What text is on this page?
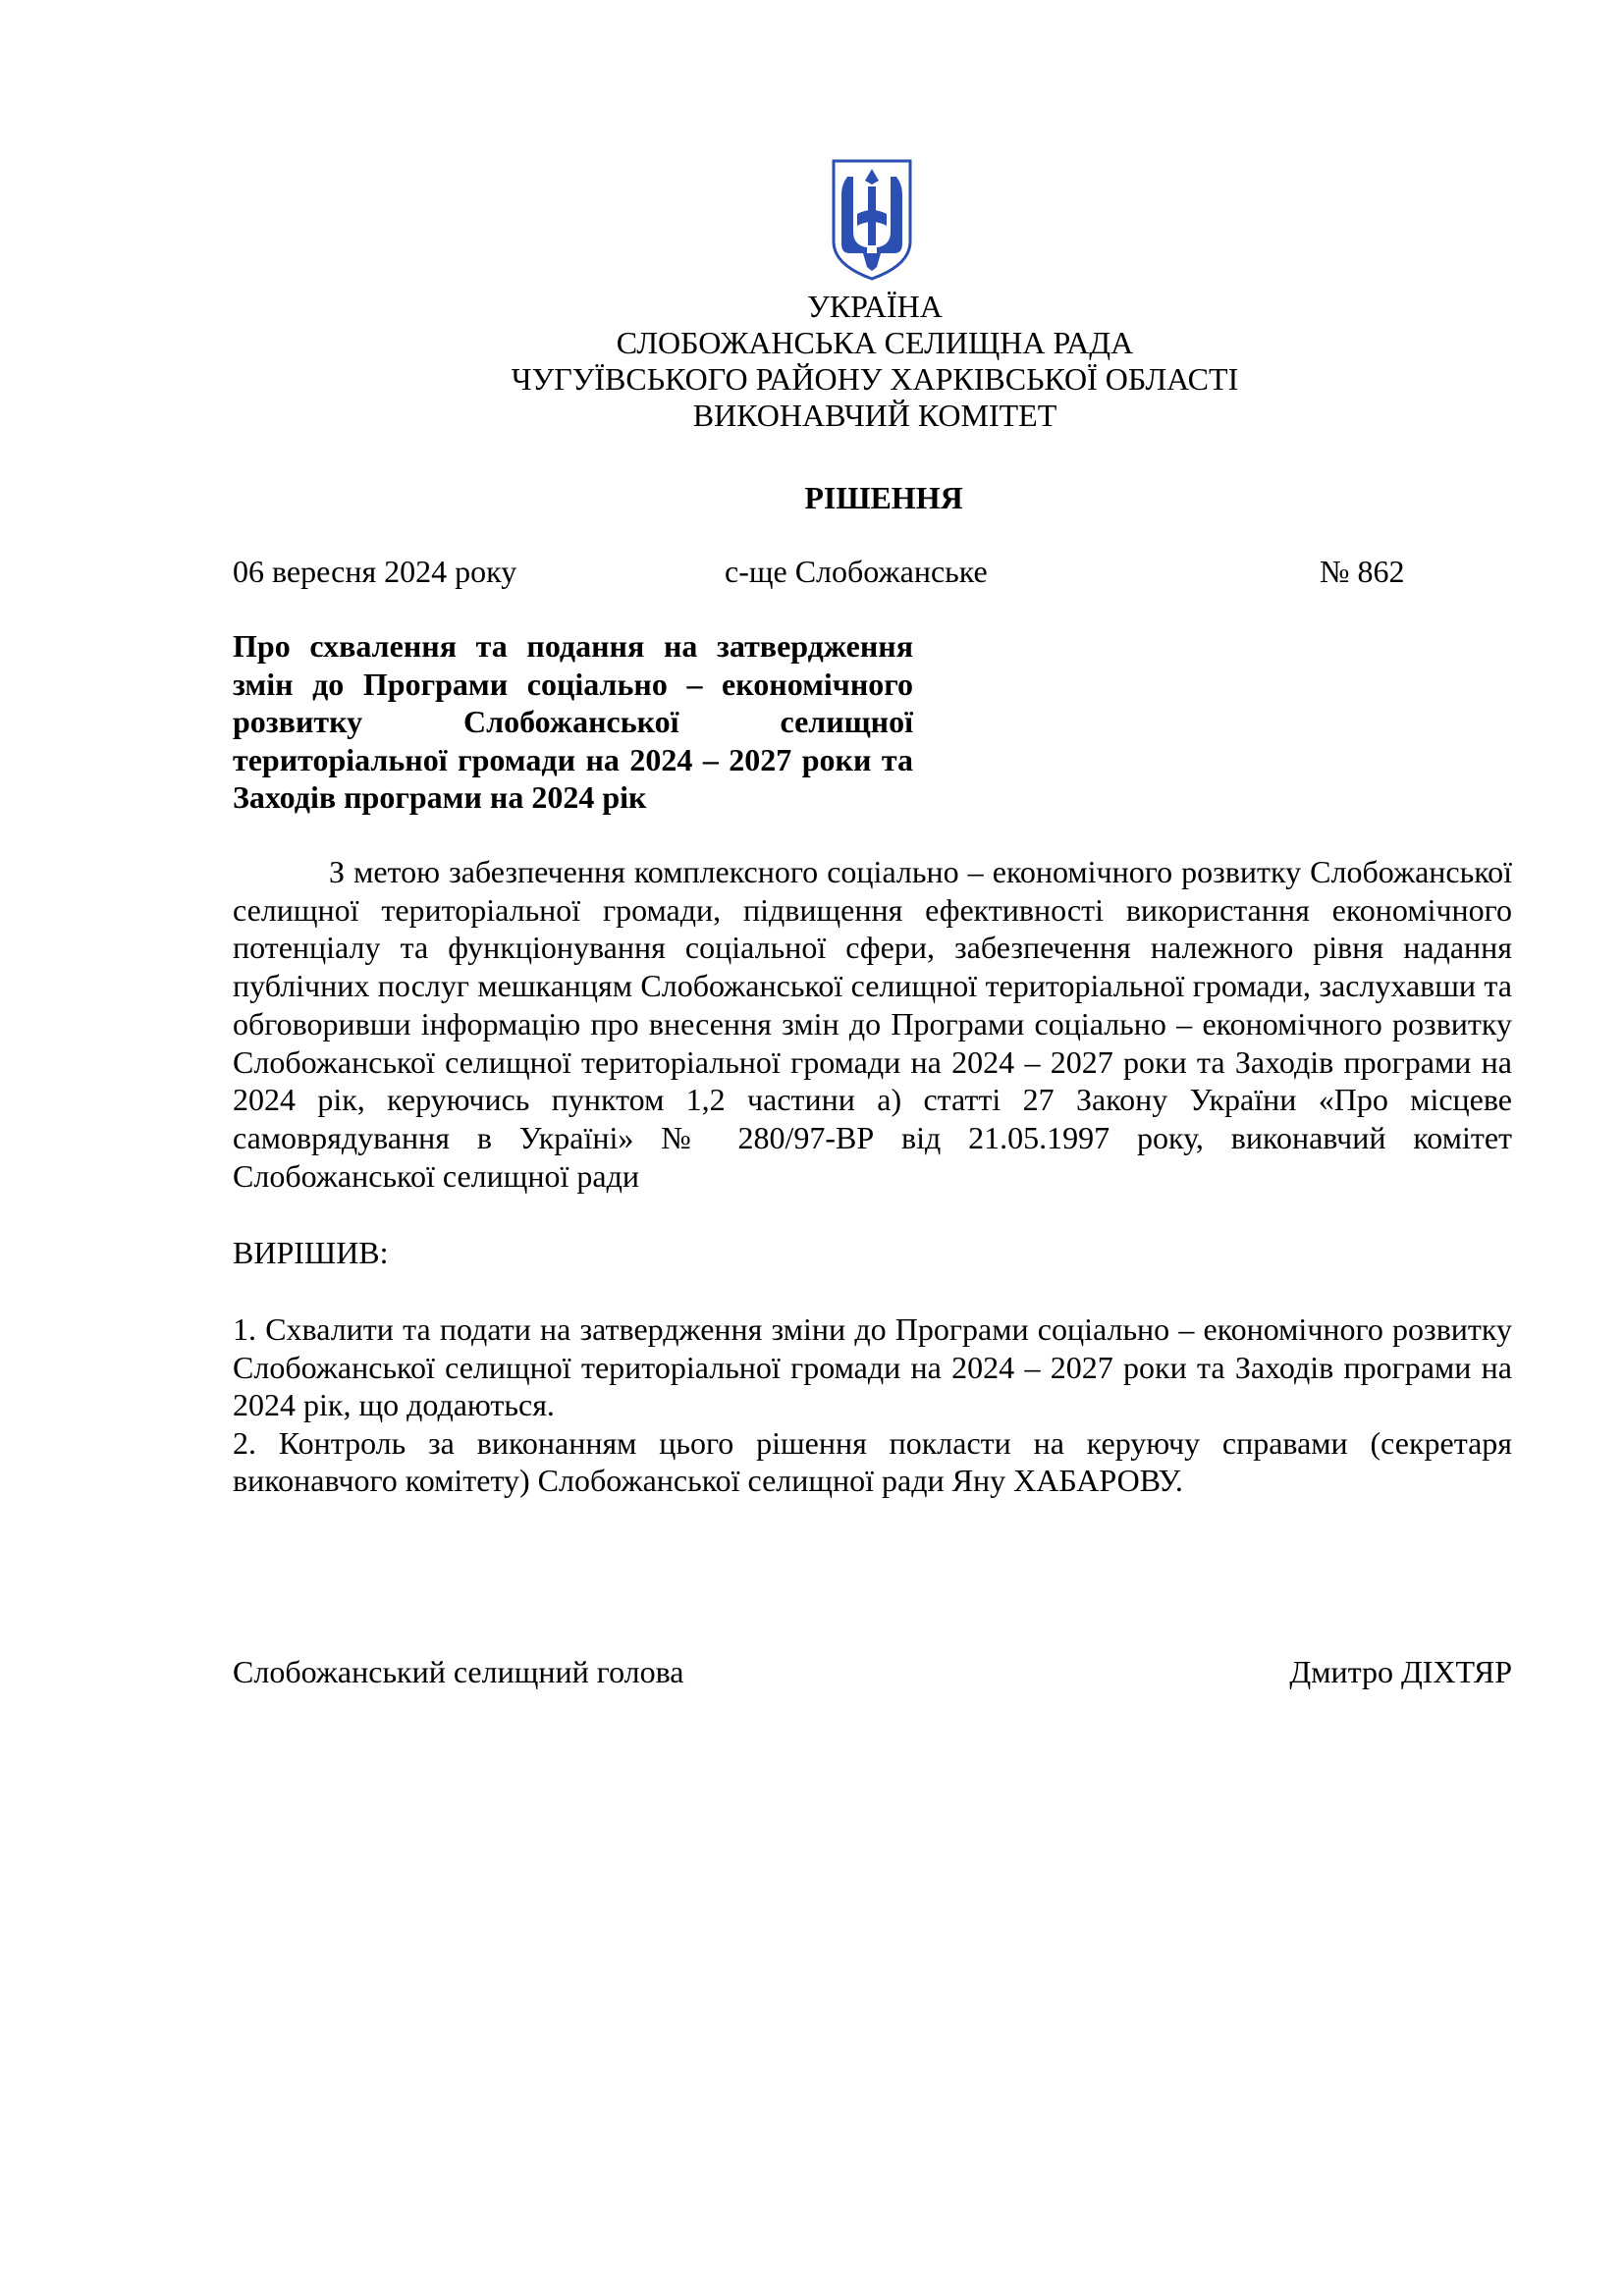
УКРАЇНА

СЛОБОЖАНСЬКА СЕЛИЩНА РАДА

ЧУГУЇВСЬКОГО РАЙОНУ ХАРКІВСЬКОЇ ОБЛАСТІ

ВИКОНАВЧИЙ КОМІТЕТ

РІШЕННЯ

06 вересня 2024 року	с-ще Слобожанське	№ 862

Про схвалення та подання на затвердження змін до Програми соціально – економічного розвитку Слобожанської селищної територіальної громади на 2024 – 2027 роки та Заходів програми на 2024 рік

З метою забезпечення комплексного соціально – економічного розвитку Слобожанської селищної територіальної громади, підвищення ефективності використання економічного потенціалу та функціонування соціальної сфери, забезпечення належного рівня надання публічних послуг мешканцям Слобожанської селищної територіальної громади, заслухавши та обговоривши інформацію про внесення змін до Програми соціально – економічного розвитку Слобожанської селищної територіальної громади на 2024 – 2027 роки та Заходів програми на 2024 рік, керуючись пунктом 1,2 частини а) статті 27 Закону України «Про місцеве самоврядування в Україні» № 280/97-ВР від 21.05.1997 року, виконавчий комітет Слобожанської селищної ради

ВИРІШИВ:

1. Схвалити та подати на затвердження зміни до Програми соціально – економічного розвитку Слобожанської селищної територіальної громади на 2024 – 2027 роки та Заходів програми на 2024 рік, що додаються.
2. Контроль за виконанням цього рішення покласти на керуючу справами (секретаря виконавчого комітету) Слобожанської селищної ради Яну ХАБАРОВУ.

Слобожанський селищний голова	Дмитро ДІХТЯР
